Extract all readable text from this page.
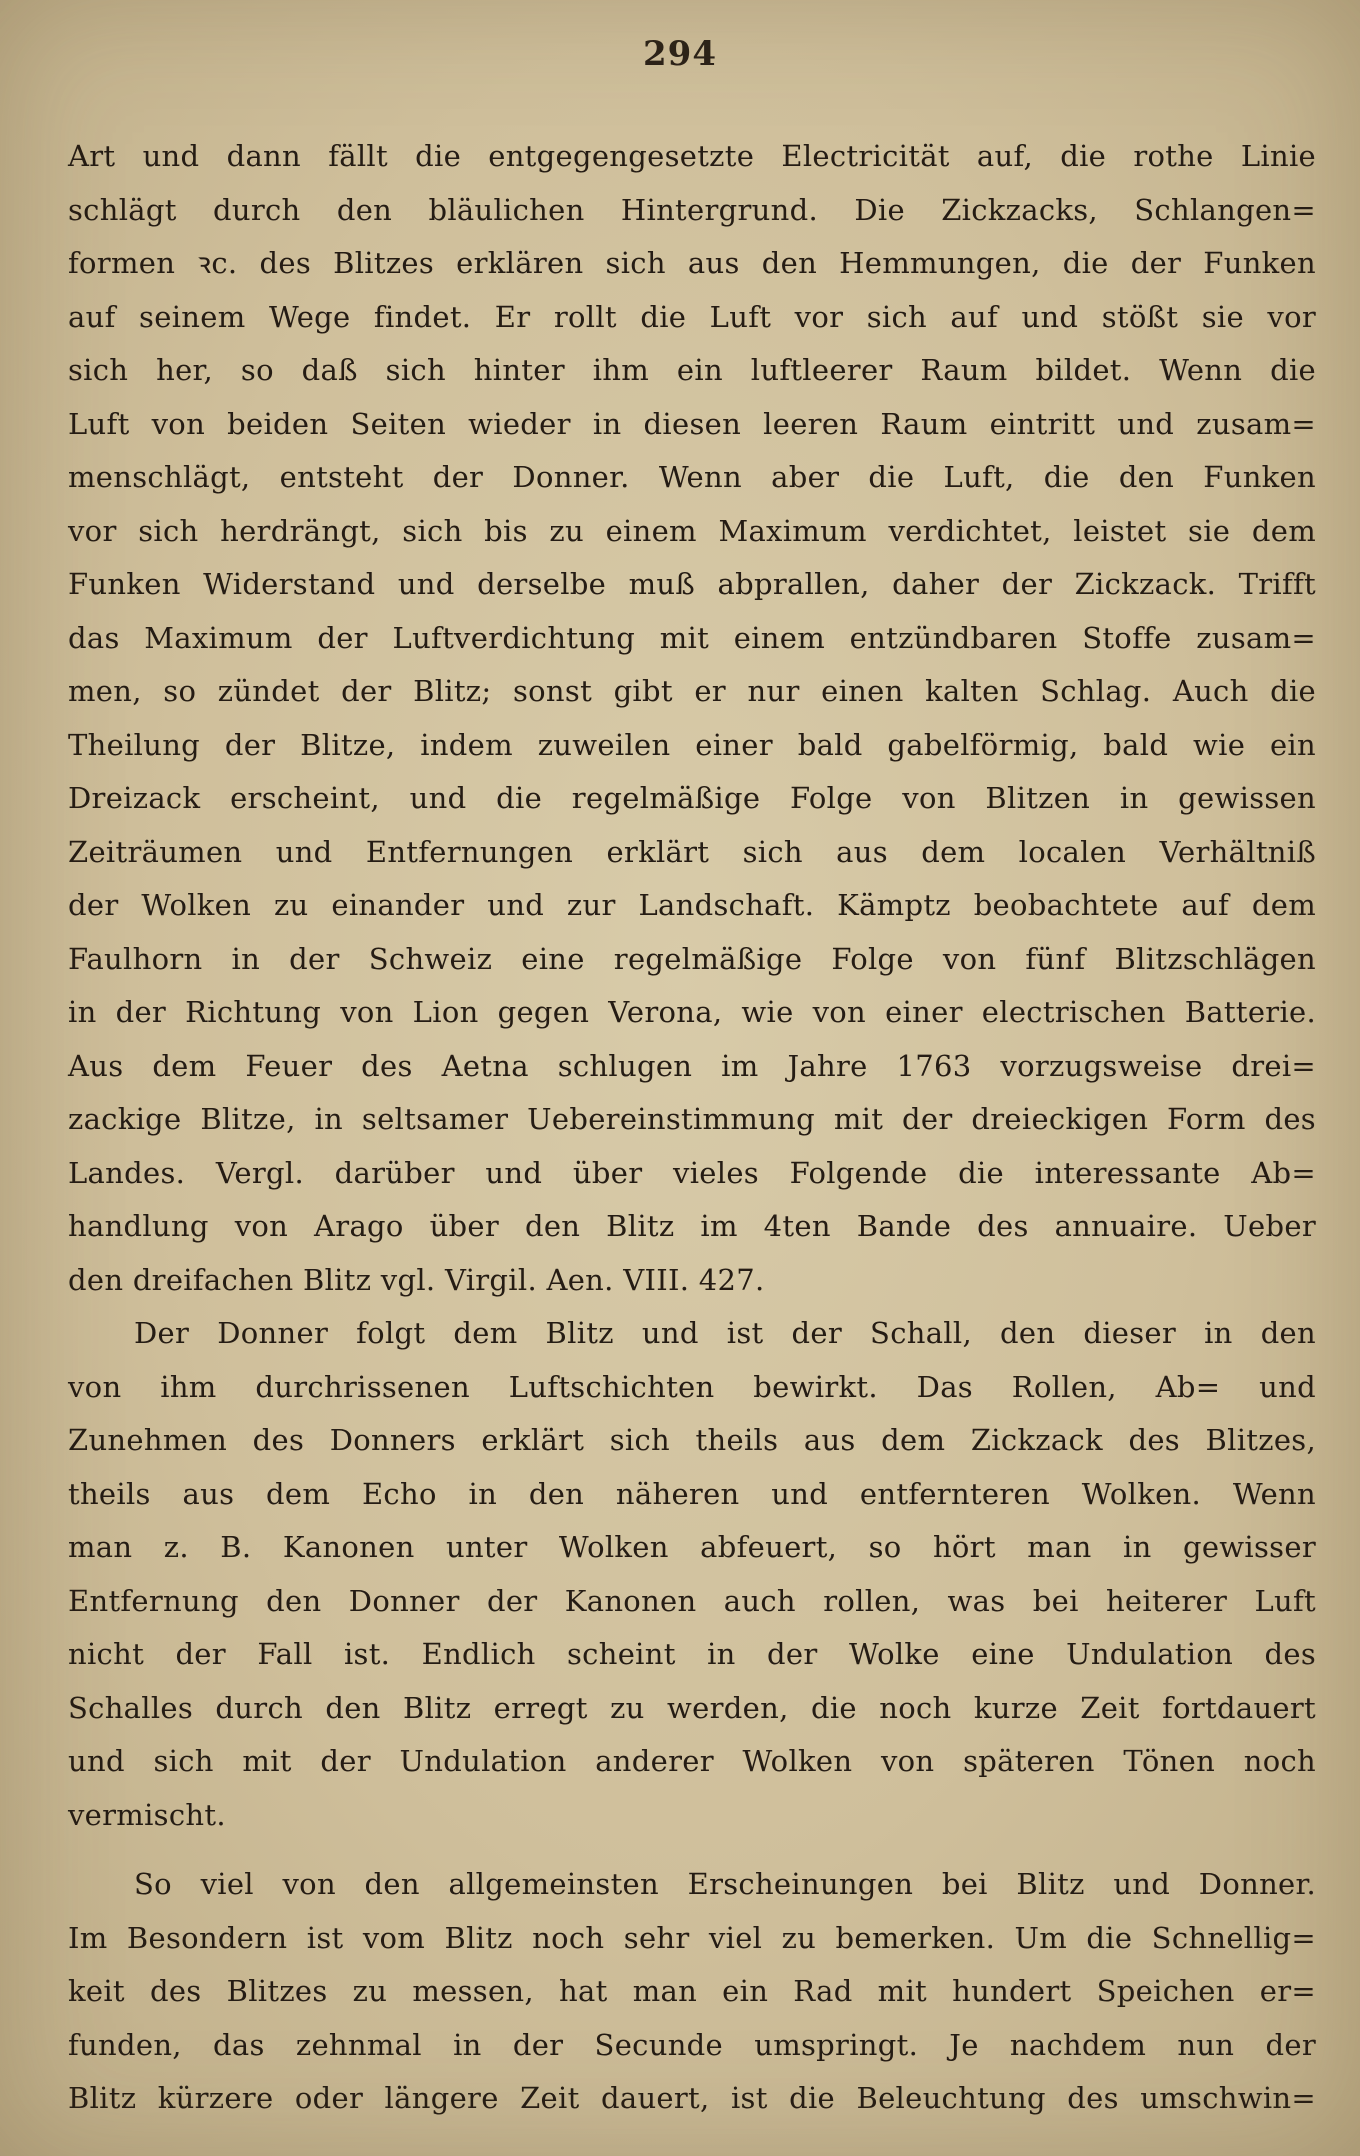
294
Art und dann fällt die entgegengesetzte Electricität auf, die rothe Linie
schlägt durch den bläulichen Hintergrund. Die Zickzacks, Schlangen=
formen ꝛc. des Blitzes erklären sich aus den Hemmungen, die der Funken
auf seinem Wege findet. Er rollt die Luft vor sich auf und stößt sie vor
sich her, so daß sich hinter ihm ein luftleerer Raum bildet. Wenn die
Luft von beiden Seiten wieder in diesen leeren Raum eintritt und zusam=
menschlägt, entsteht der Donner. Wenn aber die Luft, die den Funken
vor sich herdrängt, sich bis zu einem Maximum verdichtet, leistet sie dem
Funken Widerstand und derselbe muß abprallen, daher der Zickzack. Trifft
das Maximum der Luftverdichtung mit einem entzündbaren Stoffe zusam=
men, so zündet der Blitz; sonst gibt er nur einen kalten Schlag. Auch die
Theilung der Blitze, indem zuweilen einer bald gabelförmig, bald wie ein
Dreizack erscheint, und die regelmäßige Folge von Blitzen in gewissen
Zeiträumen und Entfernungen erklärt sich aus dem localen Verhältniß
der Wolken zu einander und zur Landschaft. Kämptz beobachtete auf dem
Faulhorn in der Schweiz eine regelmäßige Folge von fünf Blitzschlägen
in der Richtung von Lion gegen Verona, wie von einer electrischen Batterie.
Aus dem Feuer des Aetna schlugen im Jahre 1763 vorzugsweise drei=
zackige Blitze, in seltsamer Uebereinstimmung mit der dreieckigen Form des
Landes. Vergl. darüber und über vieles Folgende die interessante Ab=
handlung von Arago über den Blitz im 4ten Bande des annuaire. Ueber
den dreifachen Blitz vgl. Virgil. Aen. VIII. 427.
Der Donner folgt dem Blitz und ist der Schall, den dieser in den
von ihm durchrissenen Luftschichten bewirkt. Das Rollen, Ab= und
Zunehmen des Donners erklärt sich theils aus dem Zickzack des Blitzes,
theils aus dem Echo in den näheren und entfernteren Wolken. Wenn
man z. B. Kanonen unter Wolken abfeuert, so hört man in gewisser
Entfernung den Donner der Kanonen auch rollen, was bei heiterer Luft
nicht der Fall ist. Endlich scheint in der Wolke eine Undulation des
Schalles durch den Blitz erregt zu werden, die noch kurze Zeit fortdauert
und sich mit der Undulation anderer Wolken von späteren Tönen noch
vermischt.
So viel von den allgemeinsten Erscheinungen bei Blitz und Donner.
Im Besondern ist vom Blitz noch sehr viel zu bemerken. Um die Schnellig=
keit des Blitzes zu messen, hat man ein Rad mit hundert Speichen er=
funden, das zehnmal in der Secunde umspringt. Je nachdem nun der
Blitz kürzere oder längere Zeit dauert, ist die Beleuchtung des umschwin=
